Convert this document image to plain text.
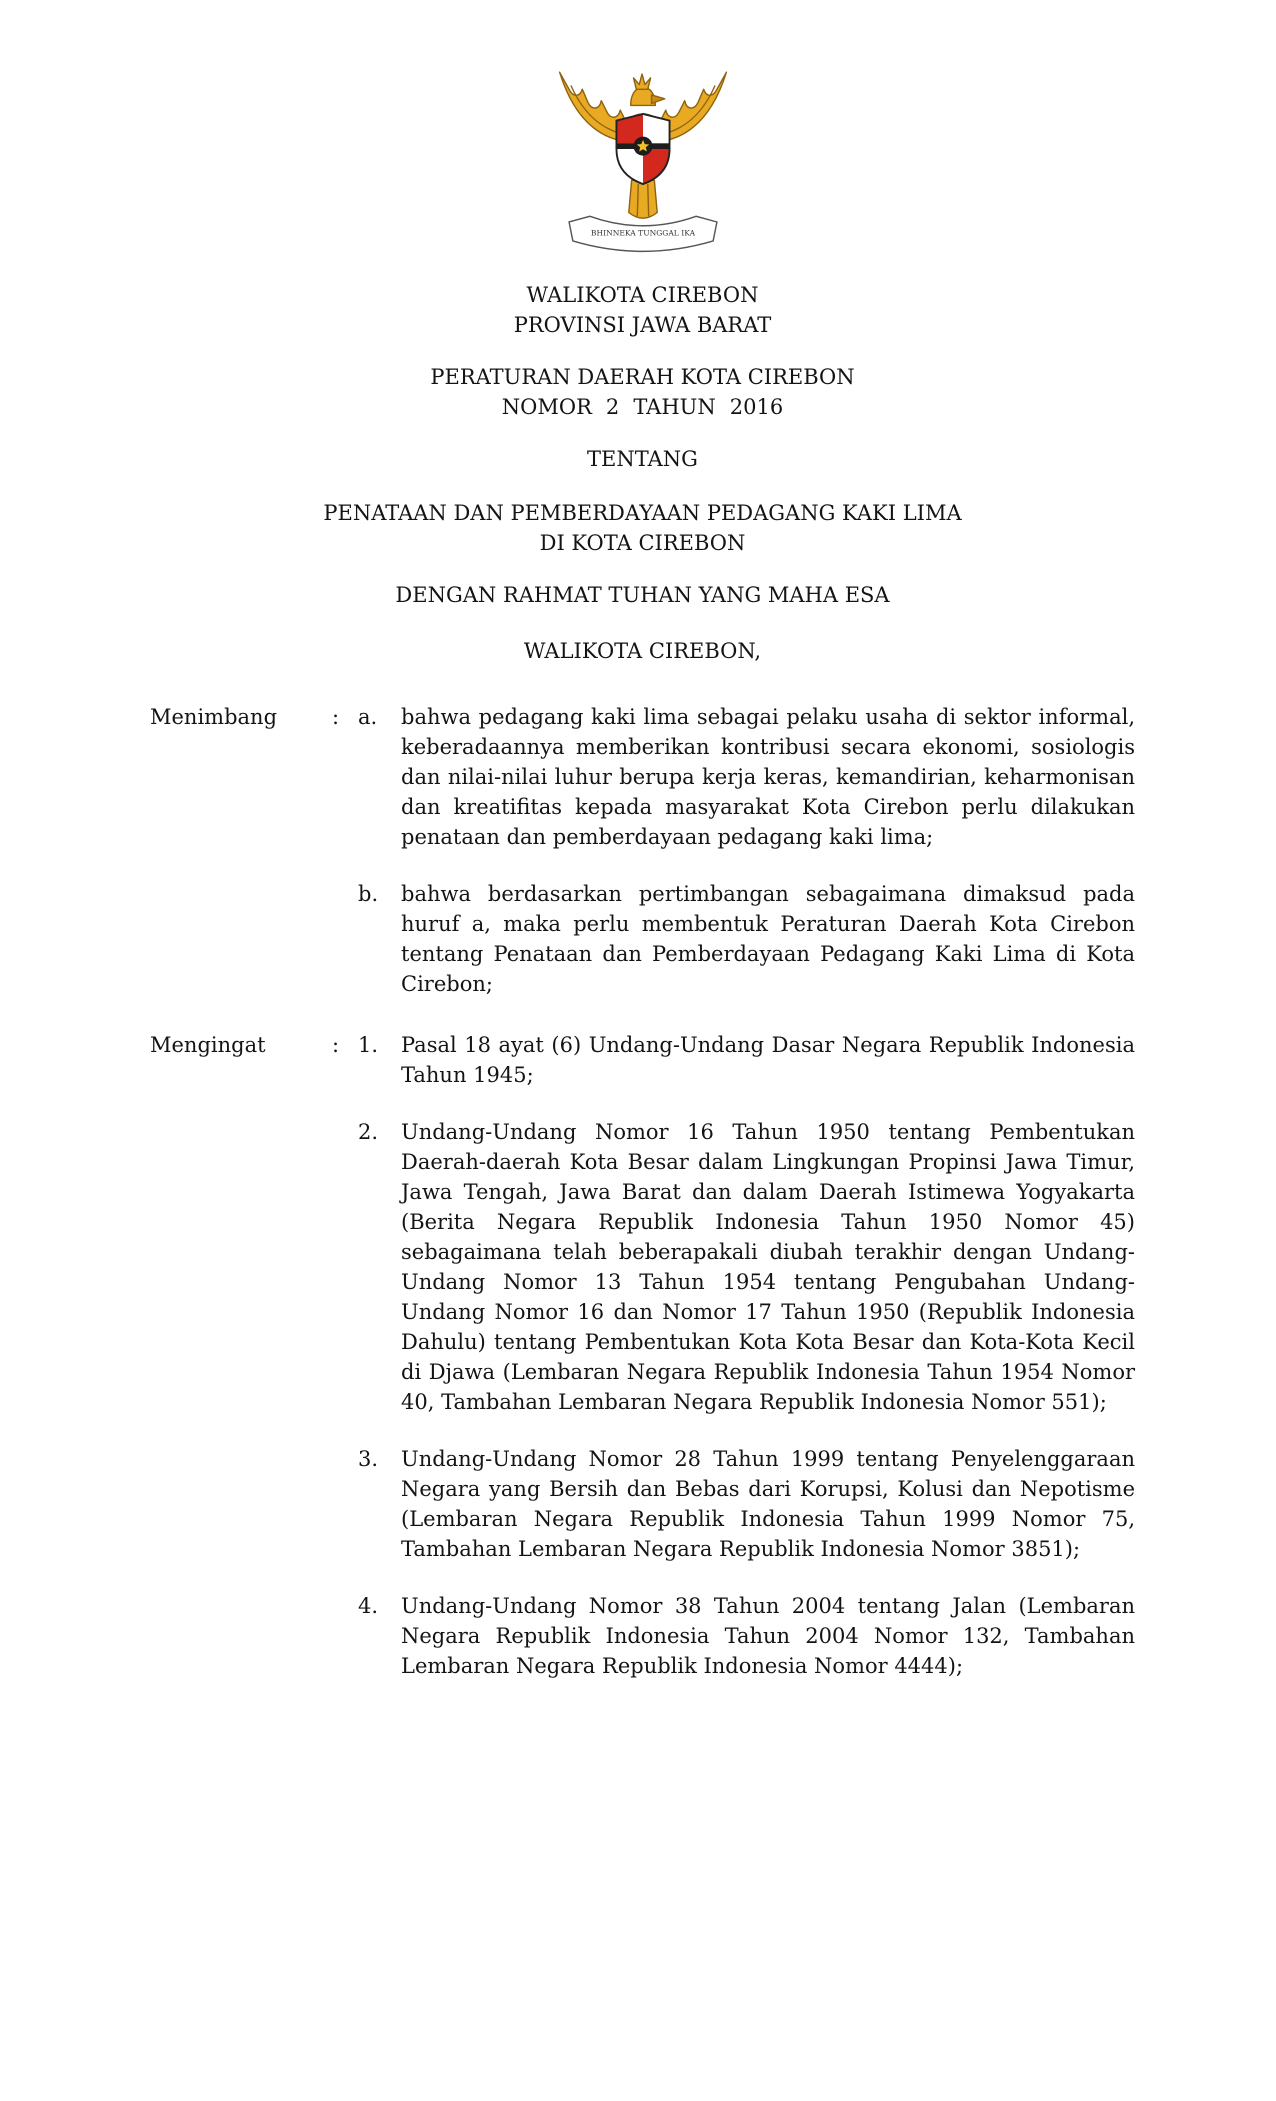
BHINNEKA TUNGGAL IKA
WALIKOTA CIREBON
PROVINSI JAWA BARAT
PERATURAN DAERAH KOTA CIREBON
NOMOR 2 TAHUN 2016
TENTANG
PENATAAN DAN PEMBERDAYAAN PEDAGANG KAKI LIMA
DI KOTA CIREBON
DENGAN RAHMAT TUHAN YANG MAHA ESA
WALIKOTA CIREBON,
Menimbang	: a.	bahwa pedagang kaki lima sebagai pelaku usaha di sektor informal, keberadaannya memberikan kontribusi secara ekonomi, sosiologis dan nilai-nilai luhur berupa kerja keras, kemandirian, keharmonisan dan kreatifitas kepada masyarakat Kota Cirebon perlu dilakukan penataan dan pemberdayaan pedagang kaki lima;
b.	bahwa berdasarkan pertimbangan sebagaimana dimaksud pada huruf a, maka perlu membentuk Peraturan Daerah Kota Cirebon tentang Penataan dan Pemberdayaan Pedagang Kaki Lima di Kota Cirebon;
Mengingat	: 1.	Pasal 18 ayat (6) Undang-Undang Dasar Negara Republik Indonesia Tahun 1945;
2.	Undang-Undang Nomor 16 Tahun 1950 tentang Pembentukan Daerah-daerah Kota Besar dalam Lingkungan Propinsi Jawa Timur, Jawa Tengah, Jawa Barat dan dalam Daerah Istimewa Yogyakarta (Berita Negara Republik Indonesia Tahun 1950 Nomor 45) sebagaimana telah beberapakali diubah terakhir dengan Undang-Undang Nomor 13 Tahun 1954 tentang Pengubahan Undang-Undang Nomor 16 dan Nomor 17 Tahun 1950 (Republik Indonesia Dahulu) tentang Pembentukan Kota Kota Besar dan Kota-Kota Kecil di Djawa (Lembaran Negara Republik Indonesia Tahun 1954 Nomor 40, Tambahan Lembaran Negara Republik Indonesia Nomor 551);
3.	Undang-Undang Nomor 28 Tahun 1999 tentang Penyelenggaraan Negara yang Bersih dan Bebas dari Korupsi, Kolusi dan Nepotisme (Lembaran Negara Republik Indonesia Tahun 1999 Nomor 75, Tambahan Lembaran Negara Republik Indonesia Nomor 3851);
4.	Undang-Undang Nomor 38 Tahun 2004 tentang Jalan (Lembaran Negara Republik Indonesia Tahun 2004 Nomor 132, Tambahan Lembaran Negara Republik Indonesia Nomor 4444);
